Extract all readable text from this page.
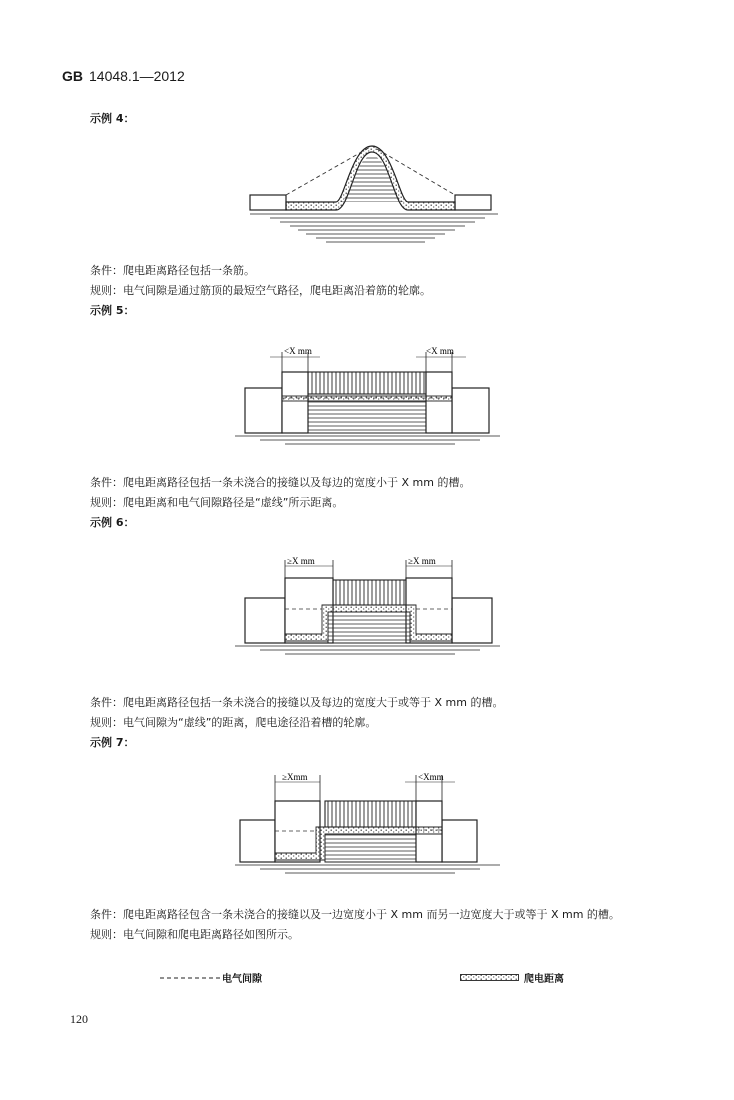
GB 14048.1—2012
示例 4：
条件：爬电距离路径包括一条筋。
规则：电气间隙是通过筋顶的最短空气路径，爬电距离沿着筋的轮廓。
示例 5：
<X mm	<X mm
条件：爬电距离路径包括一条未浇合的接缝以及每边的宽度小于 X mm 的槽。
规则：爬电距离和电气间隙路径是“虚线”所示距离。
示例 6：
≥X mm	≥X mm
条件：爬电距离路径包括一条未浇合的接缝以及每边的宽度大于或等于 X mm 的槽。
规则：电气间隙为“虚线”的距离，爬电途径沿着槽的轮廓。
示例 7：
≥Xmm	<Xmm
条件：爬电距离路径包含一条未浇合的接缝以及一边宽度小于 X mm 而另一边宽度大于或等于 X mm 的槽。
规则：电气间隙和爬电距离路径如图所示。
电气间隙	爬电距离
120
